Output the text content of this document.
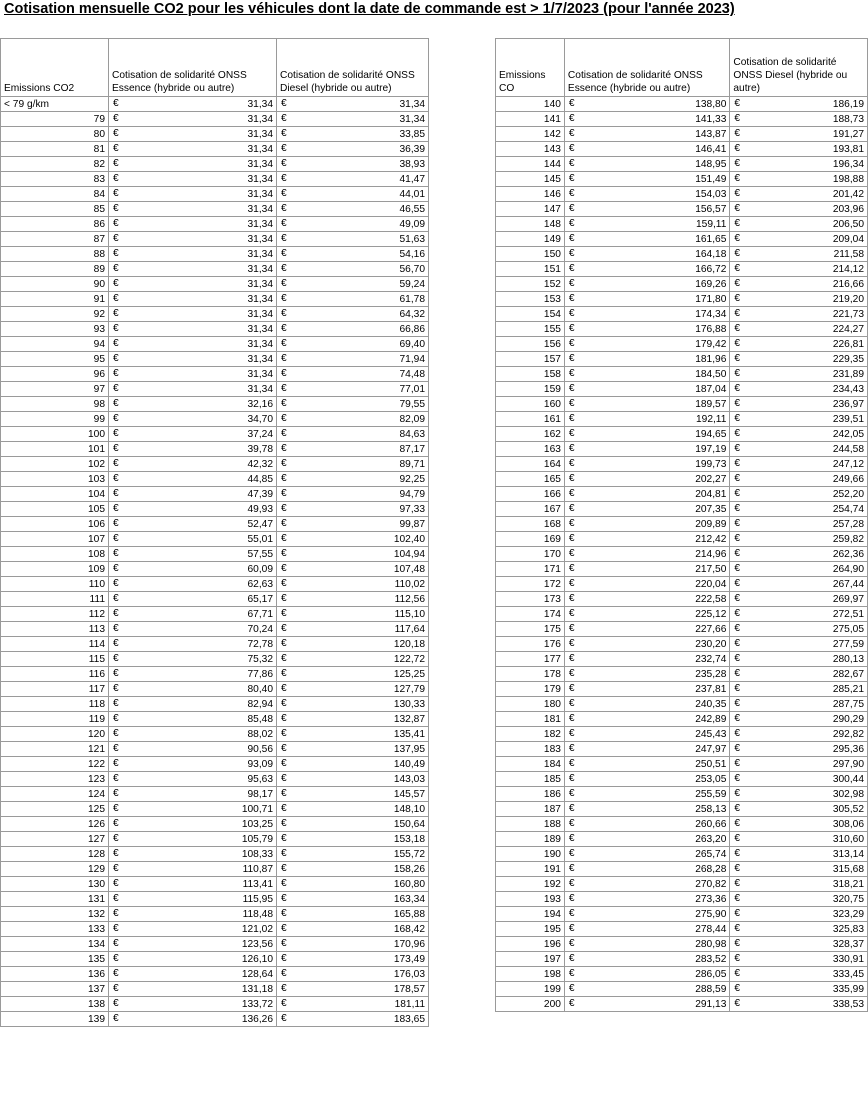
Cotisation mensuelle CO2 pour les véhicules dont la date de commande est > 1/7/2023 (pour l'année 2023)
Emissions CO2	Cotisation de solidarité ONSS Essence (hybride ou autre)	Cotisation de solidarité ONSS Diesel (hybride ou autre)
< 79 g/km	€ 31,34	€ 31,34

79	€ 31,34	€ 31,34

80	€ 31,34	€ 33,85

81	€ 31,34	€ 36,39

82	€ 31,34	€ 38,93

83	€ 31,34	€ 41,47

84	€ 31,34	€ 44,01

85	€ 31,34	€ 46,55

86	€ 31,34	€ 49,09

87	€ 31,34	€ 51,63

88	€ 31,34	€ 54,16

89	€ 31,34	€ 56,70

90	€ 31,34	€ 59,24

91	€ 31,34	€ 61,78

92	€ 31,34	€ 64,32

93	€ 31,34	€ 66,86

94	€ 31,34	€ 69,40

95	€ 31,34	€ 71,94

96	€ 31,34	€ 74,48

97	€ 31,34	€ 77,01

98	€ 32,16	€ 79,55

99	€ 34,70	€ 82,09

100	€ 37,24	€ 84,63

101	€ 39,78	€ 87,17

102	€ 42,32	€ 89,71

103	€ 44,85	€ 92,25

104	€ 47,39	€ 94,79

105	€ 49,93	€ 97,33

106	€ 52,47	€ 99,87

107	€ 55,01	€ 102,40

108	€ 57,55	€ 104,94

109	€ 60,09	€ 107,48

110	€ 62,63	€ 110,02

111	€ 65,17	€ 112,56

112	€ 67,71	€ 115,10

113	€ 70,24	€ 117,64

114	€ 72,78	€ 120,18

115	€ 75,32	€ 122,72

116	€ 77,86	€ 125,25

117	€ 80,40	€ 127,79

118	€ 82,94	€ 130,33

119	€ 85,48	€ 132,87

120	€ 88,02	€ 135,41

121	€ 90,56	€ 137,95

122	€ 93,09	€ 140,49

123	€ 95,63	€ 143,03

124	€ 98,17	€ 145,57

125	€ 100,71	€ 148,10

126	€ 103,25	€ 150,64

127	€ 105,79	€ 153,18

128	€ 108,33	€ 155,72

129	€ 110,87	€ 158,26

130	€ 113,41	€ 160,80

131	€ 115,95	€ 163,34

132	€ 118,48	€ 165,88

133	€ 121,02	€ 168,42

134	€ 123,56	€ 170,96

135	€ 126,10	€ 173,49

136	€ 128,64	€ 176,03

137	€ 131,18	€ 178,57

138	€ 133,72	€ 181,11

139	€ 136,26	€ 183,65
Emissions CO	Cotisation de solidarité ONSS Essence (hybride ou autre)	Cotisation de solidarité ONSS Diesel (hybride ou autre)
140	€ 138,80	€ 186,19

141	€ 141,33	€ 188,73

142	€ 143,87	€ 191,27

143	€ 146,41	€ 193,81

144	€ 148,95	€ 196,34

145	€ 151,49	€ 198,88

146	€ 154,03	€ 201,42

147	€ 156,57	€ 203,96

148	€ 159,11	€ 206,50

149	€ 161,65	€ 209,04

150	€ 164,18	€ 211,58

151	€ 166,72	€ 214,12

152	€ 169,26	€ 216,66

153	€ 171,80	€ 219,20

154	€ 174,34	€ 221,73

155	€ 176,88	€ 224,27

156	€ 179,42	€ 226,81

157	€ 181,96	€ 229,35

158	€ 184,50	€ 231,89

159	€ 187,04	€ 234,43

160	€ 189,57	€ 236,97

161	€ 192,11	€ 239,51

162	€ 194,65	€ 242,05

163	€ 197,19	€ 244,58

164	€ 199,73	€ 247,12

165	€ 202,27	€ 249,66

166	€ 204,81	€ 252,20

167	€ 207,35	€ 254,74

168	€ 209,89	€ 257,28

169	€ 212,42	€ 259,82

170	€ 214,96	€ 262,36

171	€ 217,50	€ 264,90

172	€ 220,04	€ 267,44

173	€ 222,58	€ 269,97

174	€ 225,12	€ 272,51

175	€ 227,66	€ 275,05

176	€ 230,20	€ 277,59

177	€ 232,74	€ 280,13

178	€ 235,28	€ 282,67

179	€ 237,81	€ 285,21

180	€ 240,35	€ 287,75

181	€ 242,89	€ 290,29

182	€ 245,43	€ 292,82

183	€ 247,97	€ 295,36

184	€ 250,51	€ 297,90

185	€ 253,05	€ 300,44

186	€ 255,59	€ 302,98

187	€ 258,13	€ 305,52

188	€ 260,66	€ 308,06

189	€ 263,20	€ 310,60

190	€ 265,74	€ 313,14

191	€ 268,28	€ 315,68

192	€ 270,82	€ 318,21

193	€ 273,36	€ 320,75

194	€ 275,90	€ 323,29

195	€ 278,44	€ 325,83

196	€ 280,98	€ 328,37

197	€ 283,52	€ 330,91

198	€ 286,05	€ 333,45

199	€ 288,59	€ 335,99

200	€ 291,13	€ 338,53
